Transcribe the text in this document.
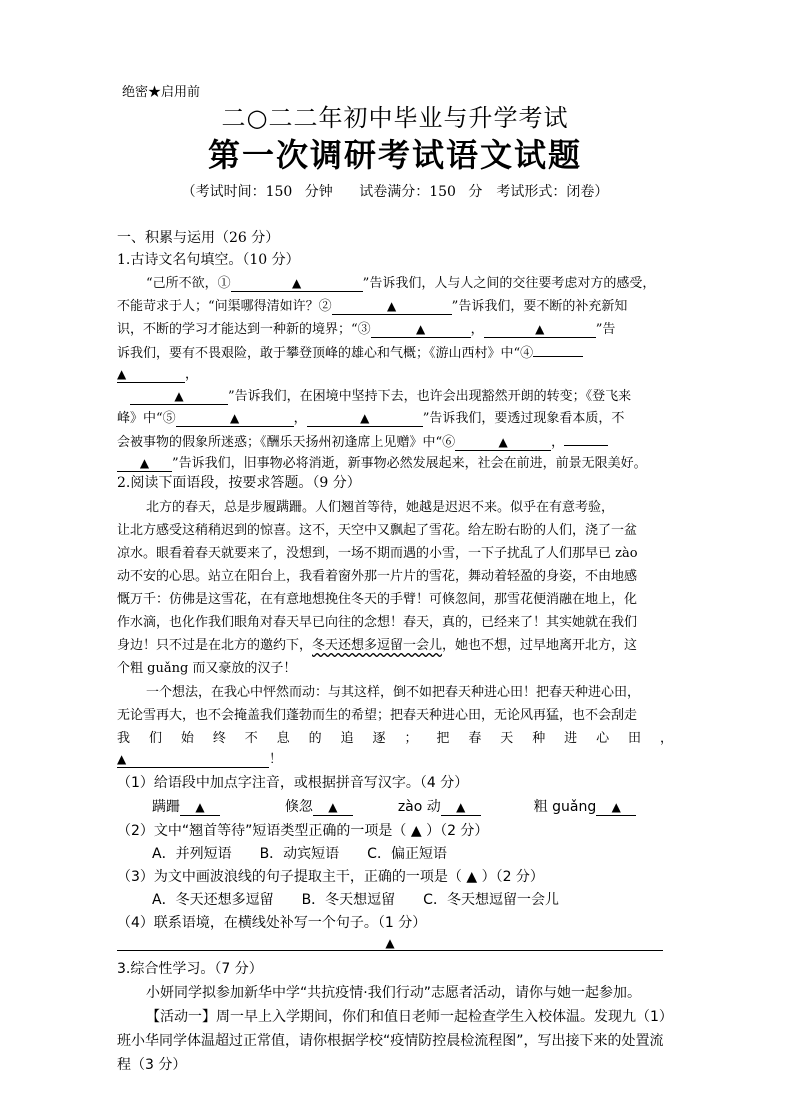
绝密★启用前
二○二二年初中毕业与升学考试
第一次调研考试语文试题
（考试时间：150 分钟　 试卷满分：150 分　考试形式：闭卷）
一、积累与运用（26 分）
1.古诗文名句填空。（10 分）
“己所不欲，①	▲	”告诉我们，人与人之间的交往要考虑对方的感受，
不能苛求于人；“问渠哪得清如许？②	▲	”告诉我们，要不断的补充新知
识，不断的学习才能达到一种新的境界；“③	▲	，	▲	”告
诉我们，要有不畏艰险，敢于攀登顶峰的雄心和气概；《游山西村》中“④
▲	，
▲	”告诉我们，在困境中坚持下去，也许会出现豁然开朗的转变；《登飞来
峰》中“⑤	▲	，	▲	”告诉我们，要透过现象看本质，不
会被事物的假象所迷惑；《酬乐天扬州初逢席上见赠》中“⑥	▲	，
▲ ”告诉我们，旧事物必将消逝，新事物必然发展起来，社会在前进，前景无限美好。
2.阅读下面语段，按要求答题。（9 分）
北方的春天，总是步履蹒跚。人们翘首等待，她越是迟迟不来。似乎在有意考验，
让北方感受这稍稍迟到的惊喜。这不，天空中又飘起了雪花。给左盼右盼的人们，浇了一盆
凉水。眼看着春天就要来了，没想到，一场不期而遇的小雪，一下子扰乱了人们那早已 zào
动不安的心思。站立在阳台上，我看着窗外那一片片的雪花，舞动着轻盈的身姿，不由地感
慨万千：仿佛是这雪花，在有意地想挽住冬天的手臂！可倏忽间，那雪花便消融在地上，化
作水滴，也化作我们眼角对春天早已向往的念想！春天，真的，已经来了！其实她就在我们
身边！只不过是在北方的邀约下，冬天还想多逗留一会儿，她也不想，过早地离开北方，这
个粗 guǎng 而又豪放的汉子！
一个想法，在我心中怦然而动：与其这样，倒不如把春天种进心田！把春天种进心田，
无论雪再大，也不会掩盖我们蓬勃而生的希望；把春天种进心田，无论风再猛，也不会刮走
我们始终不息的追逐；把春天种进心田，
▲	！
（1）给语段中加点字注音，或根据拼音写汉字。（4 分）
蹒跚 ▲	倏忽 ▲	zào 动 ▲	粗 guǎng ▲
（2）文中“翘首等待”短语类型正确的一项是（ ▲ ）（2 分）
A．并列短语　　B．动宾短语　　C．偏正短语
（3）为文中画波浪线的句子提取主干，正确的一项是（ ▲ ）（2 分）
A．冬天还想多逗留　　B．冬天想逗留　　C．冬天想逗留一会儿
（4）联系语境，在横线处补写一个句子。（1 分）
▲
3.综合性学习。（7 分）
小妍同学拟参加新华中学“共抗疫情·我们行动”志愿者活动，请你与她一起参加。
【活动一】周一早上入学期间，你们和值日老师一起检查学生入校体温。发现九（1）
班小华同学体温超过正常值，请你根据学校“疫情防控晨检流程图”，写出接下来的处置流
程（3 分）
